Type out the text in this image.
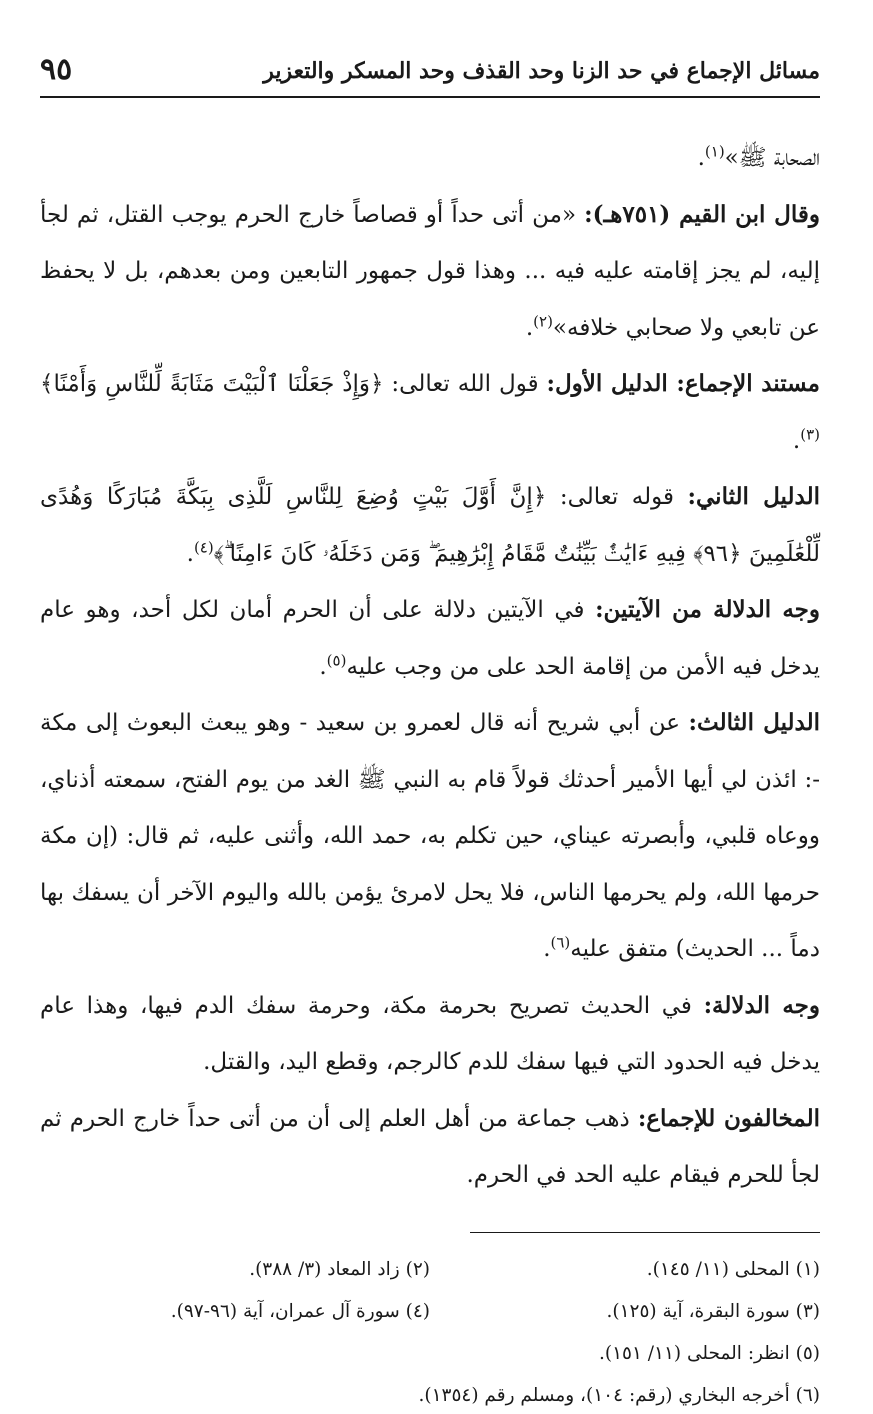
مسائل الإجماع في حد الزنا وحد القذف وحد المسكر والتعزير
٩٥

الصحابة ﷺ»$^{(١)}$.

وقال ابن القيم (٧٥١هـ): «من أتى حداً أو قصاصاً خارج الحرم يوجب القتل، ثم لجأ إليه، لم يجز إقامته عليه فيه ... وهذا قول جمهور التابعين ومن بعدهم، بل لا يحفظ عن تابعي ولا صحابي خلافه»$^{(٢)}$.

مستند الإجماع: الدليل الأول: قول الله تعالى: ﴿وَإِذْ جَعَلْنَا ٱلْبَيْتَ مَثَابَةً لِّلنَّاسِ وَأَمْنًا﴾$^{(٣)}$.

الدليل الثاني: قوله تعالى: ﴿إِنَّ أَوَّلَ بَيْتٍ وُضِعَ لِلنَّاسِ لَلَّذِى بِبَكَّةَ مُبَارَكًا وَهُدًى لِّلْعَٰلَمِينَ ﴿٩٦﴾ فِيهِ ءَايَٰتٌۢ بَيِّنَٰتٌ مَّقَامُ إِبْرَٰهِيمَ ۖ وَمَن دَخَلَهُۥ كَانَ ءَامِنًا ۗ﴾$^{(٤)}$.

وجه الدلالة من الآيتين: في الآيتين دلالة على أن الحرم أمان لكل أحد، وهو عام يدخل فيه الأمن من إقامة الحد على من وجب عليه$^{(٥)}$.

الدليل الثالث: عن أبي شريح أنه قال لعمرو بن سعيد - وهو يبعث البعوث إلى مكة -: ائذن لي أيها الأمير أحدثك قولاً قام به النبي ﷺ الغد من يوم الفتح، سمعته أذناي، ووعاه قلبي، وأبصرته عيناي، حين تكلم به، حمد الله، وأثنى عليه، ثم قال: (إن مكة حرمها الله، ولم يحرمها الناس، فلا يحل لامرئ يؤمن بالله واليوم الآخر أن يسفك بها دماً ... الحديث) متفق عليه$^{(٦)}$.

وجه الدلالة: في الحديث تصريح بحرمة مكة، وحرمة سفك الدم فيها، وهذا عام يدخل فيه الحدود التي فيها سفك للدم كالرجم، وقطع اليد، والقتل.

المخالفون للإجماع: ذهب جماعة من أهل العلم إلى أن من أتى حداً خارج الحرم ثم لجأ للحرم فيقام عليه الحد في الحرم.

(١) المحلى (١١/ ١٤٥).
(٢) زاد المعاد (٣/ ٣٨٨).
(٣) سورة البقرة، آية (١٢٥).
(٤) سورة آل عمران، آية (٩٦-٩٧).
(٥) انظر: المحلى (١١/ ١٥١).
(٦) أخرجه البخاري (رقم: ١٠٤)، ومسلم رقم (١٣٥٤).
